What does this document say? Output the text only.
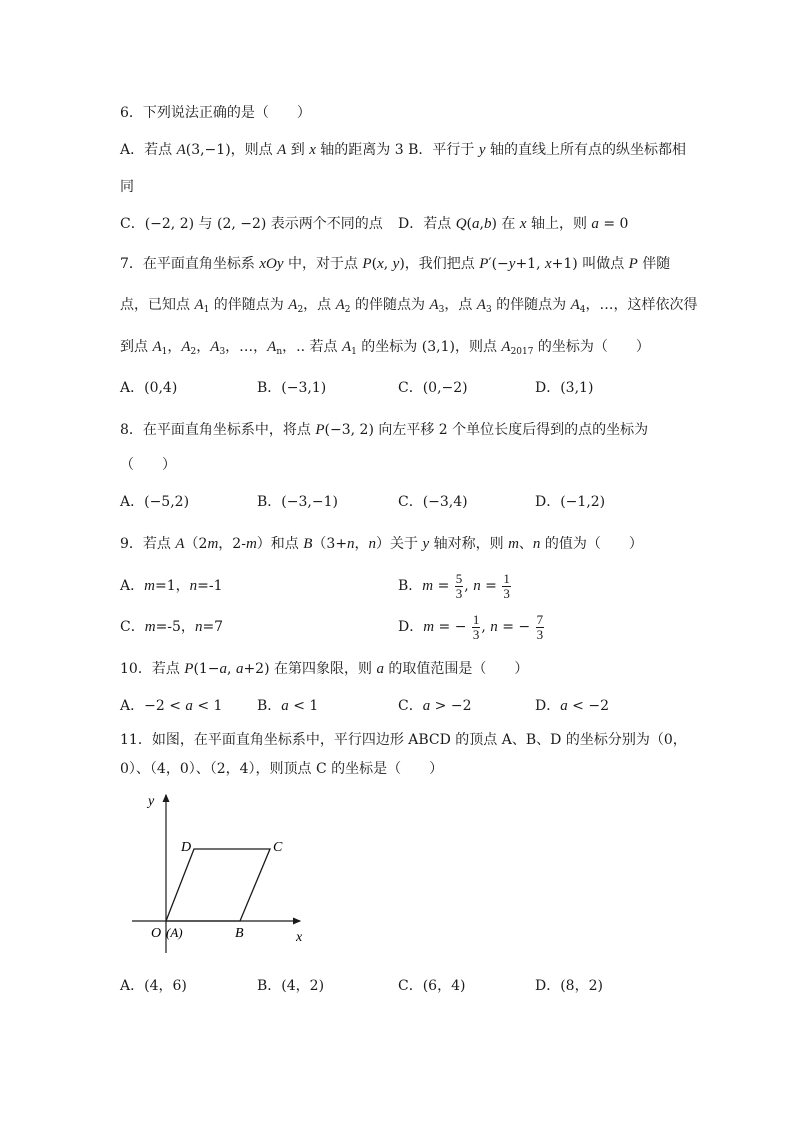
6．下列说法正确的是（　　）
A．若点 A(3,−1)，则点 A 到 x 轴的距离为 3 B．平行于 y 轴的直线上所有点的纵坐标都相
同
C．(−2, 2) 与 (2, −2) 表示两个不同的点 D．若点 Q(a,b) 在 x 轴上，则 a = 0
7．在平面直角坐标系 xOy 中，对于点 P(x, y)，我们把点 P′(−y+1, x+1) 叫做点 P 伴随
点，已知点 $A_1$ 的伴随点为 $A_2$，点 $A_2$ 的伴随点为 $A_3$，点 $A_3$ 的伴随点为 $A_4$，…，这样依次得
到点 $A_1$，$A_2$，$A_3$，…，$A_n$，.. 若点 $A_1$ 的坐标为 (3,1)，则点 $A_{2017}$ 的坐标为（　　）
A．(0,4)	B．(−3,1)	C．(0,−2)	D．(3,1)
8．在平面直角坐标系中，将点 P(−3, 2) 向左平移 2 个单位长度后得到的点的坐标为
（　　）
A．(−5,2)	B．(−3,−1)	C．(−3,4)	D．(−1,2)
9．若点 A（2m，2-m）和点 B（3+n，n）关于 y 轴对称，则 m、n 的值为（　　）
A．m=1，n=-1	B．$m = \frac{5}{3}$ , $n = \frac{1}{3}$
C．m=-5，n=7	D．m = − $\frac{1}{3}$ , n = − $\frac{7}{3}$
10．若点 P(1−a, a+2) 在第四象限，则 a 的取值范围是（　　）
A．−2 < a < 1 B．a < 1	C．a > −2	D．a < −2
11．如图，在平面直角坐标系中，平行四边形 ABCD 的顶点 A、B、D 的坐标分别为（0，
0）、（4，0）、（2，4），则顶点 C 的坐标是（　　）
y
x
O (A)	B
C
D
A．(4，6)	B．(4，2)	C．(6，4)	D．(8，2)
